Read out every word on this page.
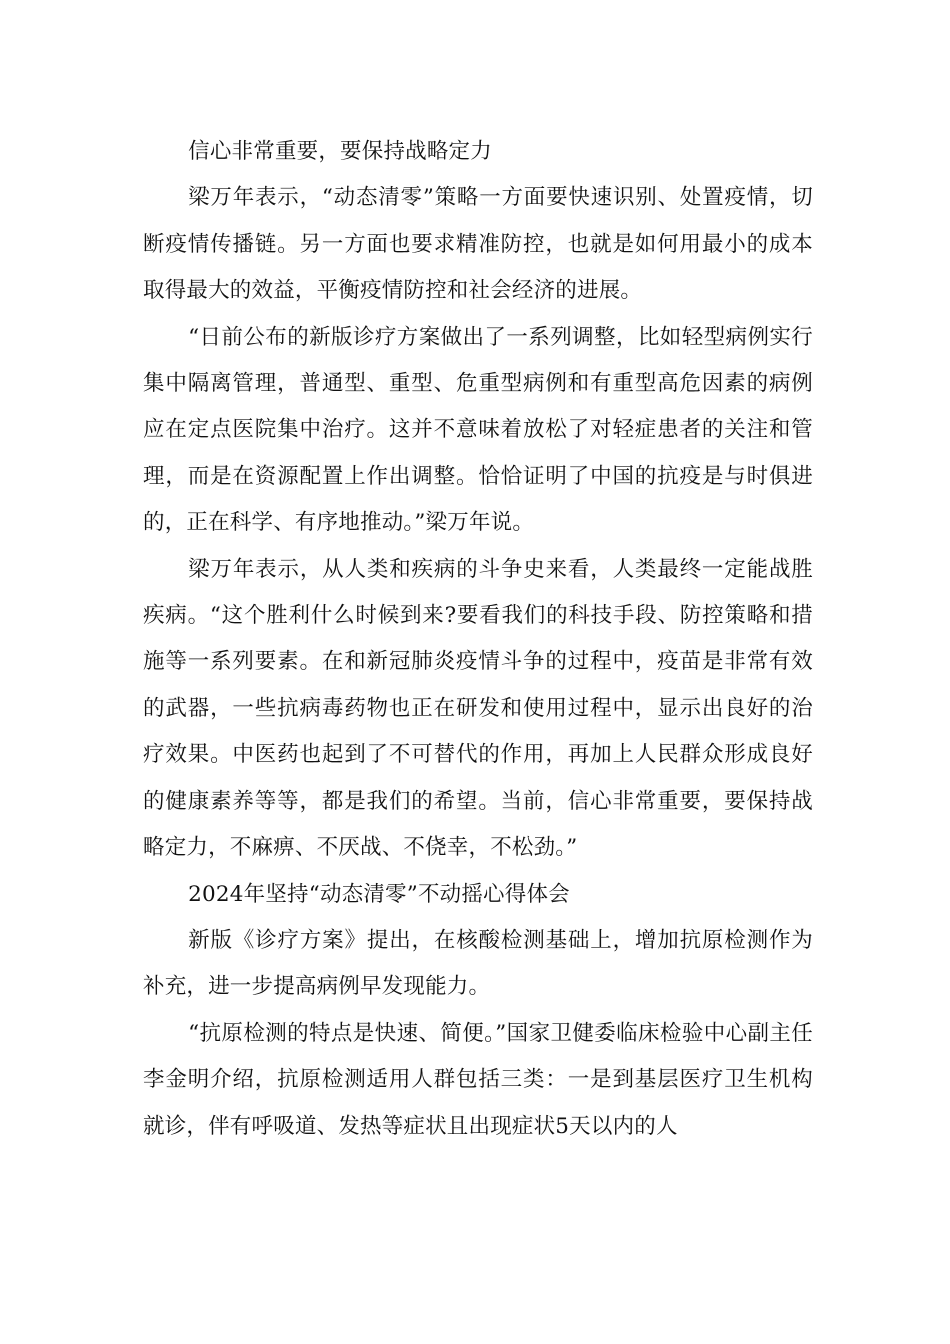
信心非常重要，要保持战略定力

梁万年表示，“动态清零”策略一方面要快速识别、处置疫情，切断疫情传播链。另一方面也要求精准防控，也就是如何用最小的成本取得最大的效益，平衡疫情防控和社会经济的进展。

“日前公布的新版诊疗方案做出了一系列调整，比如轻型病例实行集中隔离管理，普通型、重型、危重型病例和有重型高危因素的病例应在定点医院集中治疗。这并不意味着放松了对轻症患者的关注和管理，而是在资源配置上作出调整。恰恰证明了中国的抗疫是与时俱进的，正在科学、有序地推动。”梁万年说。

梁万年表示，从人类和疾病的斗争史来看，人类最终一定能战胜疾病。“这个胜利什么时候到来?要看我们的科技手段、防控策略和措施等一系列要素。在和新冠肺炎疫情斗争的过程中，疫苗是非常有效的武器，一些抗病毒药物也正在研发和使用过程中，显示出良好的治疗效果。中医药也起到了不可替代的作用，再加上人民群众形成良好的健康素养等等，都是我们的希望。当前，信心非常重要，要保持战略定力，不麻痹、不厌战、不侥幸，不松劲。”

2024年坚持“动态清零”不动摇心得体会

新版《诊疗方案》提出，在核酸检测基础上，增加抗原检测作为补充，进一步提高病例早发现能力。

“抗原检测的特点是快速、简便。”国家卫健委临床检验中心副主任李金明介绍，抗原检测适用人群包括三类：一是到基层医疗卫生机构就诊，伴有呼吸道、发热等症状且出现症状5天以内的人
